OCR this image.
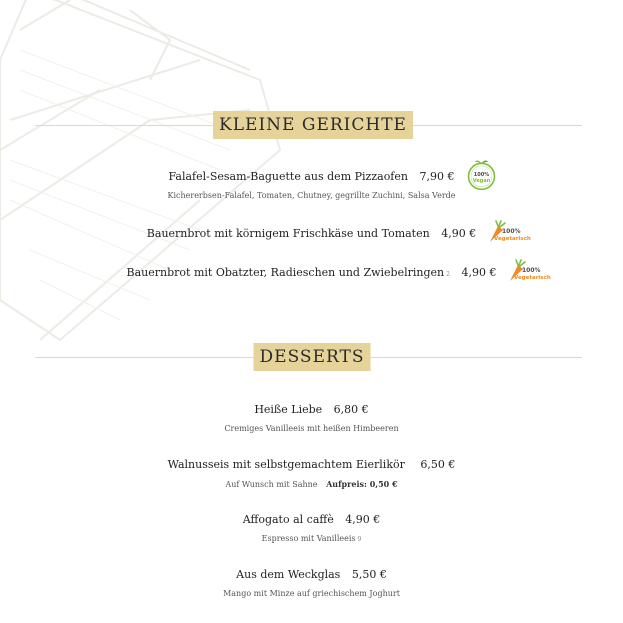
KLEINE GERICHTE
Falafel-Sesam-Baguette aus dem Pizzaofen 7,90 €	100%
Vegan
Kichererbsen-Falafel, Tomaten, Chutney, gegrillte Zuchini, Salsa Verde
Bauernbrot mit körnigem Frischkäse und Tomaten 4,90 €	100%
Vegetarisch
Bauernbrot mit Obatzter, Radieschen und Zwiebelringen 2 4,90 €	100%
Vegetarisch
DESSERTS
Heiße Liebe 6,80 €
Cremiges Vanilleeis mit heißen Himbeeren
Walnusseis mit selbstgemachtem Eierlikör 6,50 €
Auf Wunsch mit Sahne Aufpreis: 0,50 €
Affogato al caffè 4,90 €
Espresso mit Vanilleeis 9
Aus dem Weckglas 5,50 €
Mango mit Minze auf griechischem Joghurt
